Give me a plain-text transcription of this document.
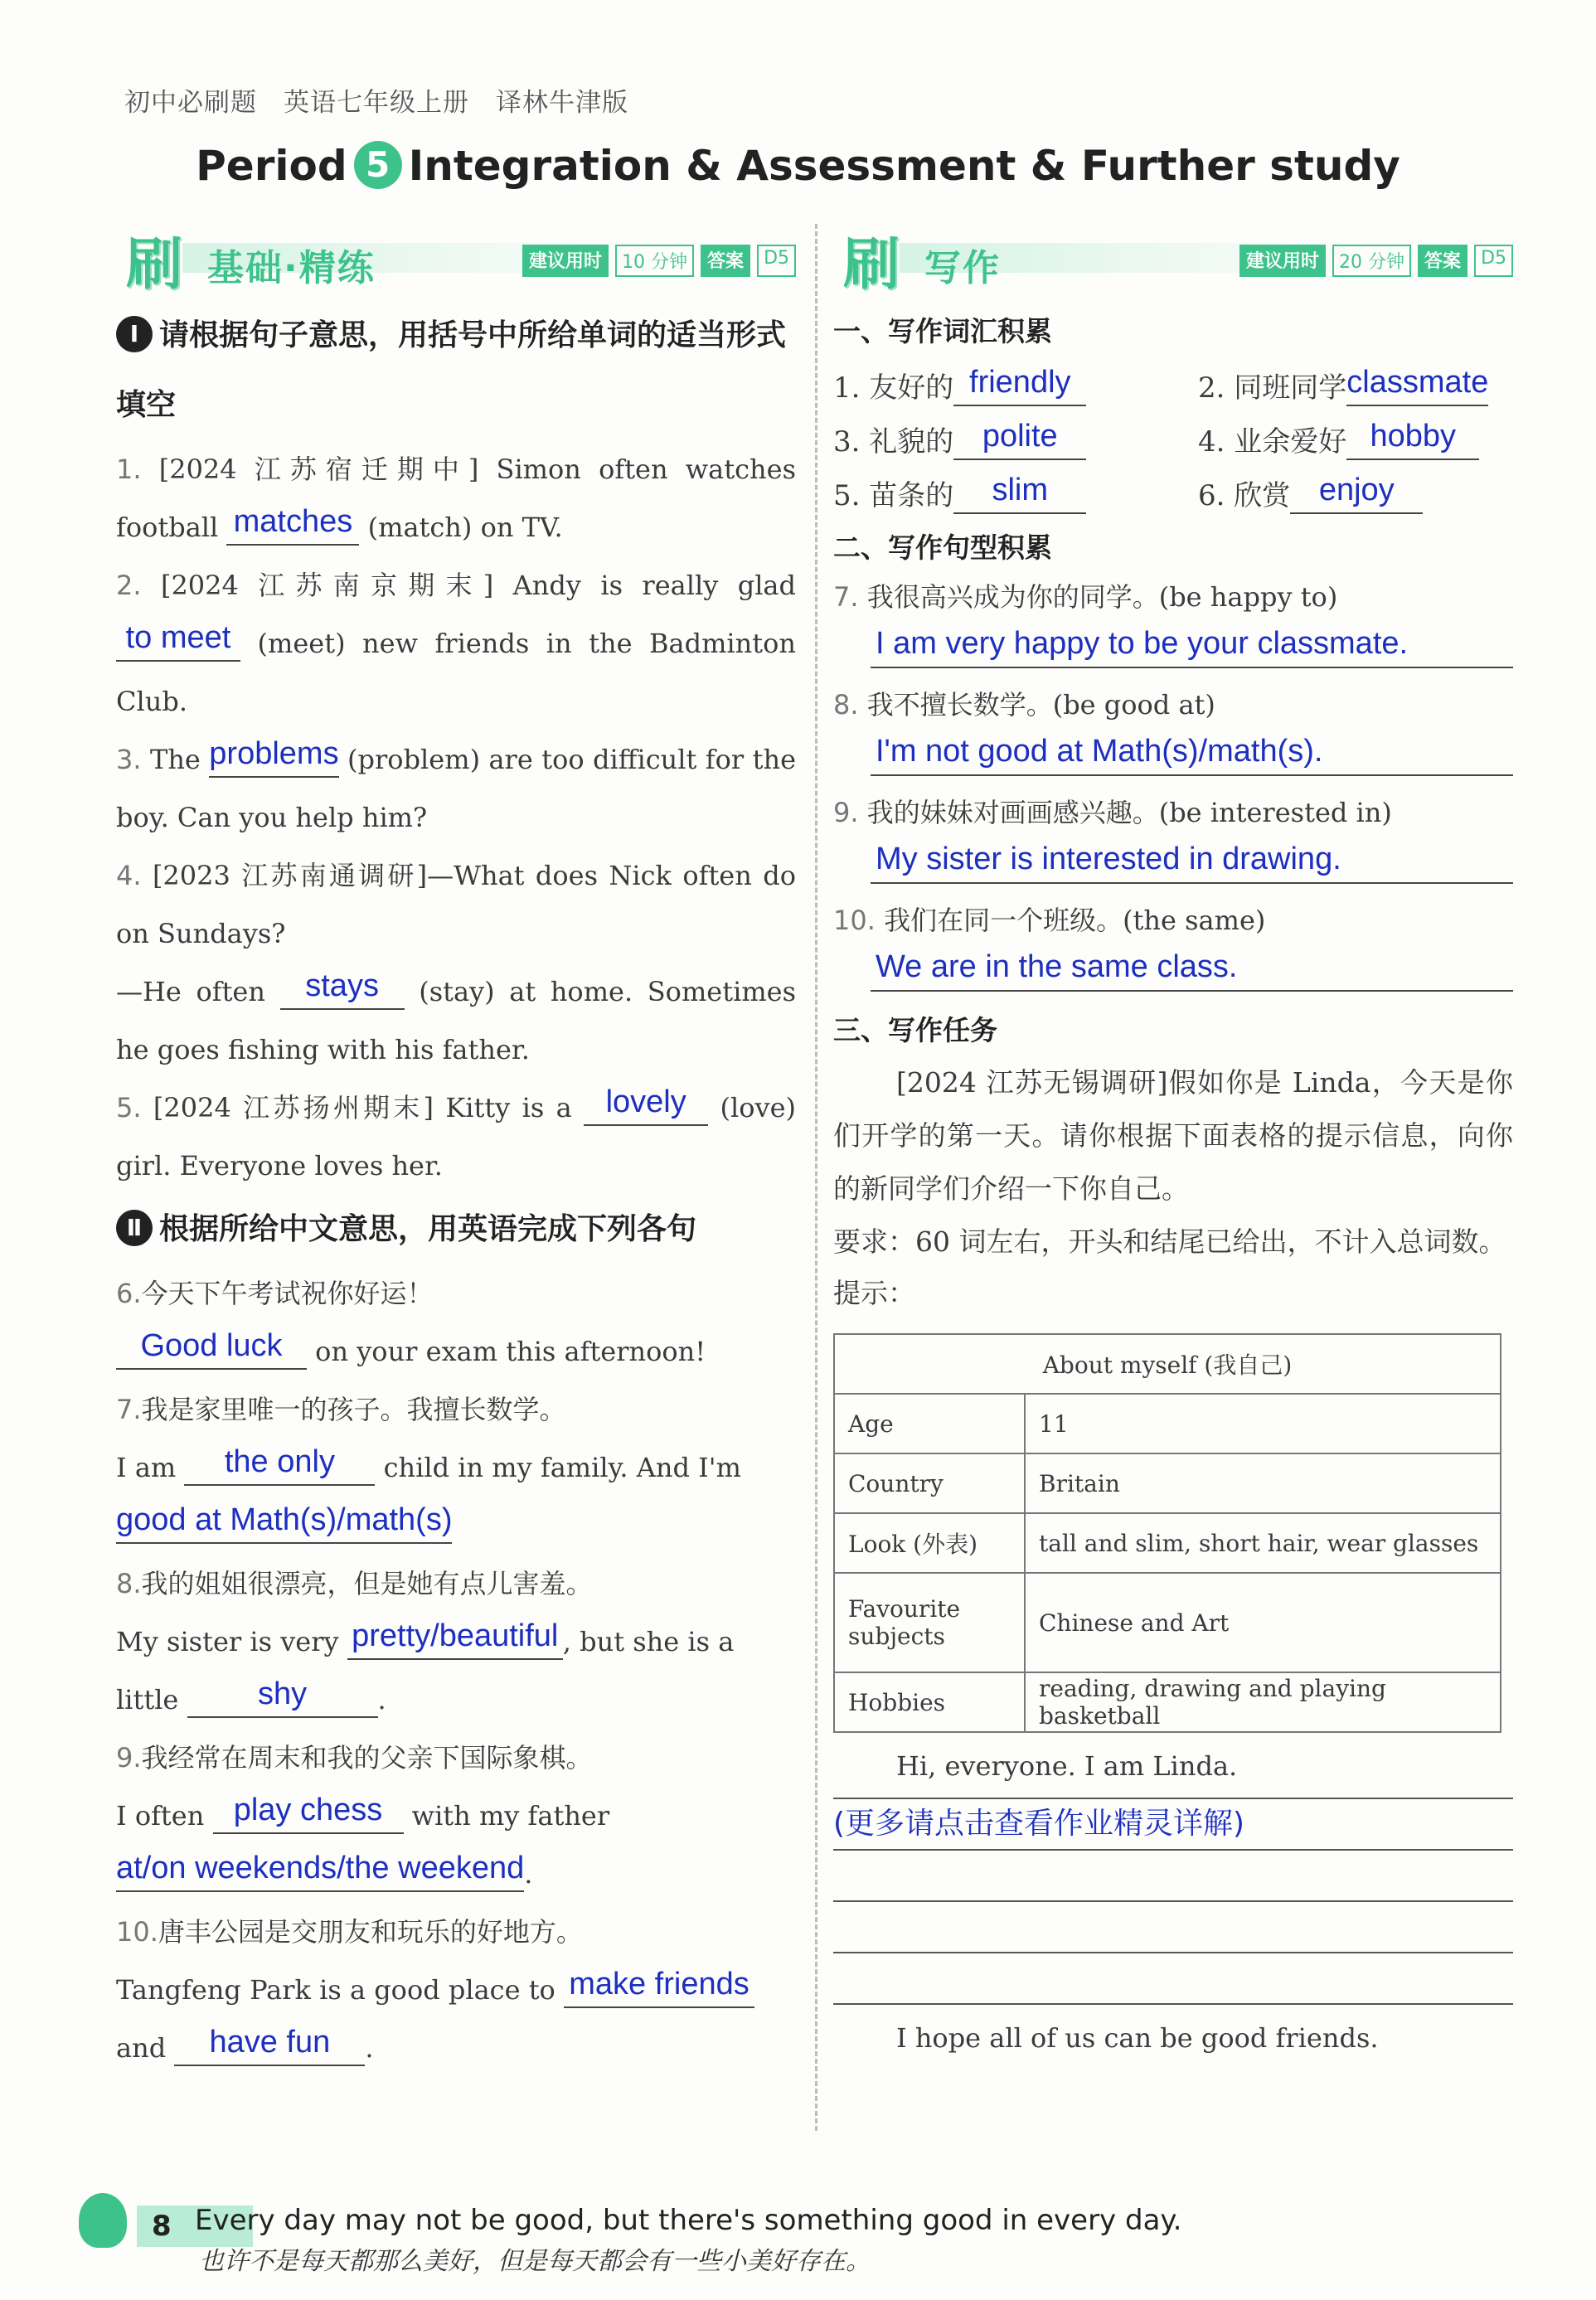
初中必刷题　英语七年级上册　译林牛津版
Period 5 Integration & Assessment & Further study
刷 基础·精练	建议用时	10 分钟	答案	D5
Ⅰ 请根据句子意思，用括号中所给单词的适当形式填空
1. [2024 江苏宿迁期中] Simon often watches football matches (match) on TV.
2. [2024 江苏南京期末] Andy is really glad to meet (meet) new friends in the Badminton Club.
3. The problems (problem) are too difficult for the boy. Can you help him?
4. [2023 江苏南通调研]—What does Nick often do on Sundays?
—He often stays (stay) at home. Sometimes he goes fishing with his father.
5. [2024 江苏扬州期末] Kitty is a lovely (love) girl. Everyone loves her.
Ⅱ 根据所给中文意思，用英语完成下列各句
6.今天下午考试祝你好运！
Good luck on your exam this afternoon!
7.我是家里唯一的孩子。我擅长数学。
I am the only child in my family. And I'm
good at Math(s)/math(s)
8.我的姐姐很漂亮，但是她有点儿害羞。
My sister is very pretty/beautiful , but she is a little	shy	.
9.我经常在周末和我的父亲下国际象棋。
I often play chess with my father
at/on weekends/the weekend.
10.唐丰公园是交朋友和玩乐的好地方。
Tangfeng Park is a good place to make friends
and have fun .
刷 写作	建议用时	20 分钟	答案	D5
一、写作词汇积累
1. 友好的 friendly	2. 同班同学classmate
3. 礼貌的 polite	4. 业余爱好 hobby
5. 苗条的 slim	6. 欣赏 enjoy
二、写作句型积累
7. 我很高兴成为你的同学。(be happy to)
I am very happy to be your classmate.
8. 我不擅长数学。(be good at)
I'm not good at Math(s)/math(s).
9. 我的妹妹对画画感兴趣。(be interested in)
My sister is interested in drawing.
10. 我们在同一个班级。(the same)
We are in the same class.
三、写作任务
[2024 江苏无锡调研]假如你是 Linda，今天是你们开学的第一天。请你根据下面表格的提示信息，向你的新同学们介绍一下你自己。
要求：60 词左右，开头和结尾已给出，不计入总词数。
提示：
About myself (我自己)	
Age	11
Country	Britain
Look (外表)	tall and slim, short hair, wear glasses
Favourite subjects	Chinese and Art
Hobbies	reading, drawing and playing basketball
Hi, everyone. I am Linda.
(更多请点击查看作业精灵详解)
I hope all of us can be good friends.
8 Every day may not be good, but there's something good in every day.
也许不是每天都那么美好，但是每天都会有一些小美好存在。
